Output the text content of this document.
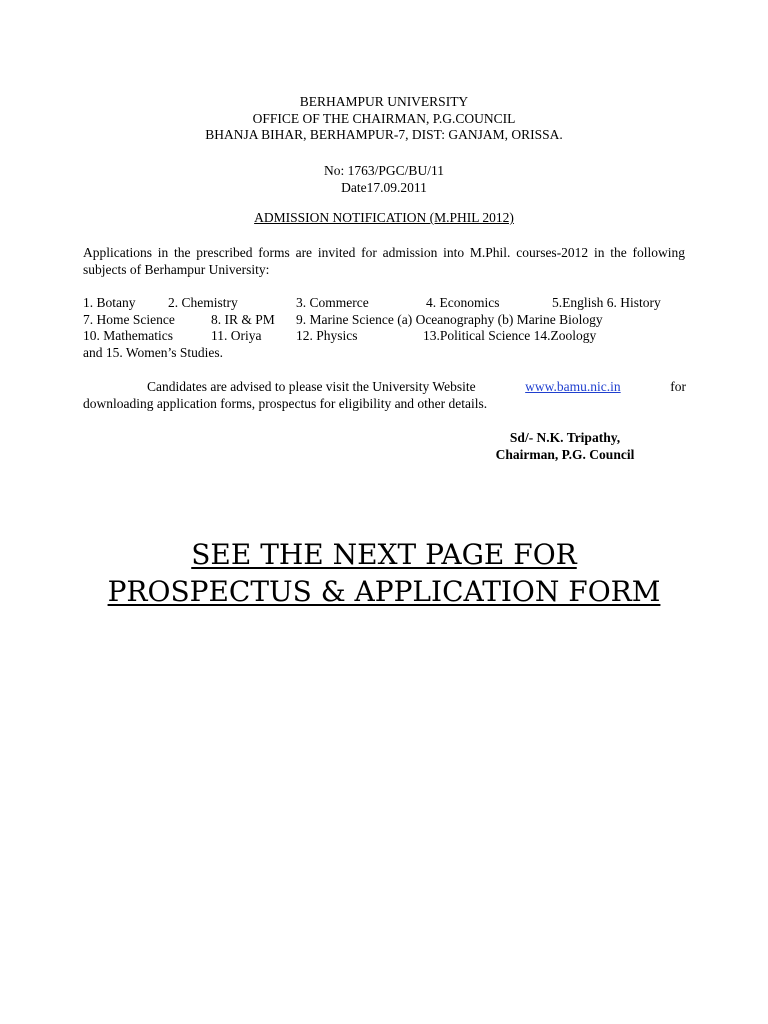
BERHAMPUR UNIVERSITY
OFFICE OF THE CHAIRMAN, P.G.COUNCIL
BHANJA BIHAR, BERHAMPUR-7, DIST: GANJAM, ORISSA.
No: 1763/PGC/BU/11
Date17.09.2011
ADMISSION NOTIFICATION (M.PHIL 2012)
Applications in the prescribed forms are invited for admission into M.Phil. courses-2012 in the following subjects of Berhampur University:
1. Botany 2. Chemistry	3. Commerce	4. Economics	5.English 6. History
7. Home Science	8. IR & PM 9. Marine Science (a) Oceanography (b) Marine Biology
10. Mathematics	11. Oriya	12. Physics	13.Political Science 14.Zoology
and 15. Women’s Studies.
Candidates are advised to please visit the University Website	www.bamu.nic.in	for
downloading application forms, prospectus for eligibility and other details.
Sd/- N.K. Tripathy,
Chairman, P.G. Council
SEE THE NEXT PAGE FOR
PROSPECTUS & APPLICATION FORM
